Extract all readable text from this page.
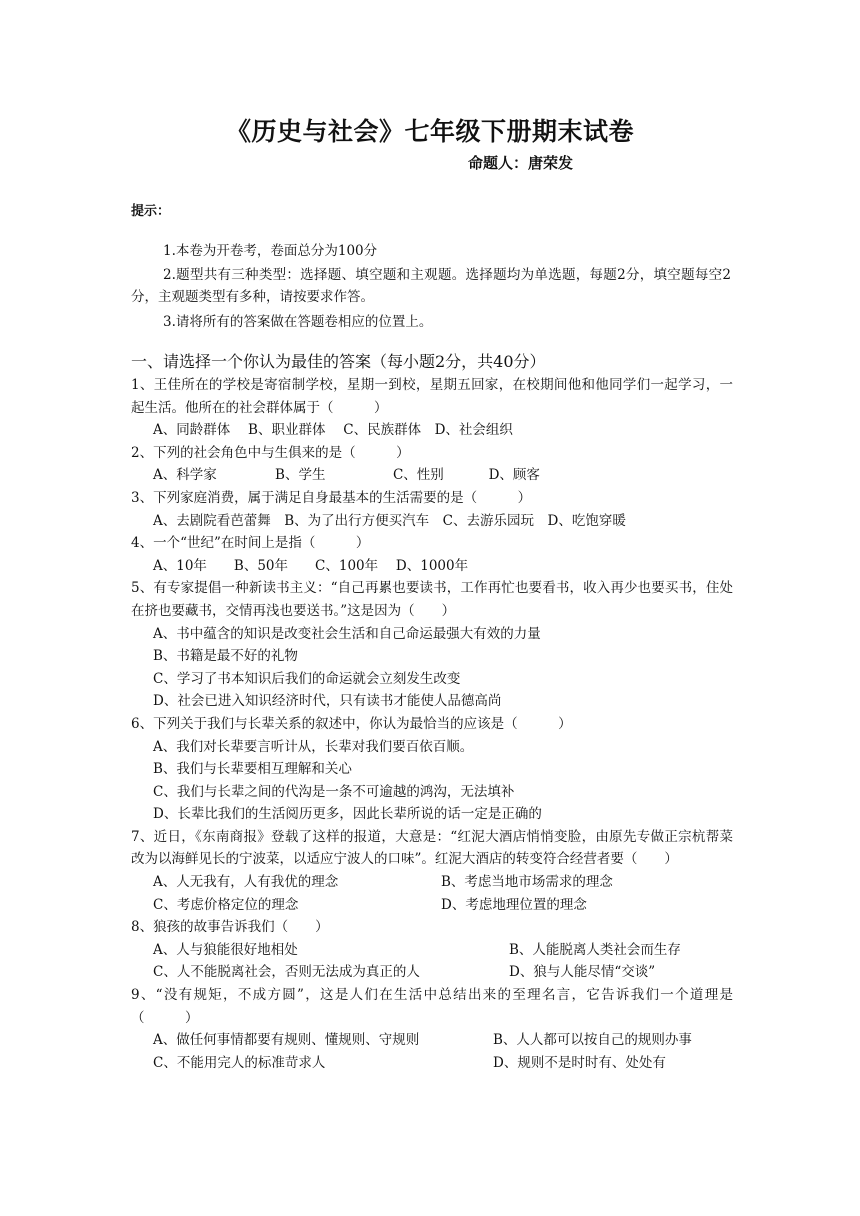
《历史与社会》七年级下册期末试卷
命题人：唐荣发
提示：
1.本卷为开卷考，卷面总分为100分
2.题型共有三种类型：选择题、填空题和主观题。选择题均为单选题，每题2分，填空题每空2分，主观题类型有多种，请按要求作答。
3.请将所有的答案做在答题卷相应的位置上。
一、请选择一个你认为最佳的答案（每小题2分，共40分）

1、王佳所在的学校是寄宿制学校，星期一到校，星期五回家，在校期间他和他同学们一起学习，一起生活。他所在的社会群体属于（　　　）

A、同龄群体　 B、职业群体　 C、民族群体　D、社会组织

2、下列的社会角色中与生俱来的是（　　　）

A、科学家　　　　 B、学生　　　　　C、性别　　　 D、顾客

3、下列家庭消费，属于满足自身最基本的生活需要的是（　　　）

A、去剧院看芭蕾舞　B、为了出行方便买汽车　C、去游乐园玩　D、吃饱穿暖

4、一个“世纪”在时间上是指（　　　）

A、10年　　B、50年　　C、100年　 D、1000年

5、有专家提倡一种新读书主义：“自己再累也要读书，工作再忙也要看书，收入再少也要买书，住处在挤也要藏书，交情再浅也要送书。”这是因为（　　）

A、书中蕴含的知识是改变社会生活和自己命运最强大有效的力量

B、书籍是最不好的礼物

C、学习了书本知识后我们的命运就会立刻发生改变

D、社会已进入知识经济时代，只有读书才能使人品德高尚

6、下列关于我们与长辈关系的叙述中，你认为最恰当的应该是（　　　）

A、我们对长辈要言听计从，长辈对我们要百依百顺。

B、我们与长辈要相互理解和关心

C、我们与长辈之间的代沟是一条不可逾越的鸿沟，无法填补

D、长辈比我们的生活阅历更多，因此长辈所说的话一定是正确的

7、近日，《东南商报》登载了这样的报道，大意是：“红泥大酒店悄悄变脸，由原先专做正宗杭帮菜改为以海鲜见长的宁波菜，以适应宁波人的口味”。红泥大酒店的转变符合经营者要（　　）

A、人无我有，人有我优的理念	B、考虑当地市场需求的理念
C、考虑价格定位的理念	D、考虑地理位置的理念

8、狼孩的故事告诉我们（　　）

A、人与狼能很好地相处	B、人能脱离人类社会而生存
C、人不能脱离社会，否则无法成为真正的人	D、狼与人能尽情“交谈”

9、“没有规矩，不成方圆”，这是人们在生活中总结出来的至理名言，它告诉我们一个道理是（　　　）

A、做任何事情都要有规则、懂规则、守规则	B、人人都可以按自己的规则办事
C、不能用完人的标准苛求人	D、规则不是时时有、处处有
